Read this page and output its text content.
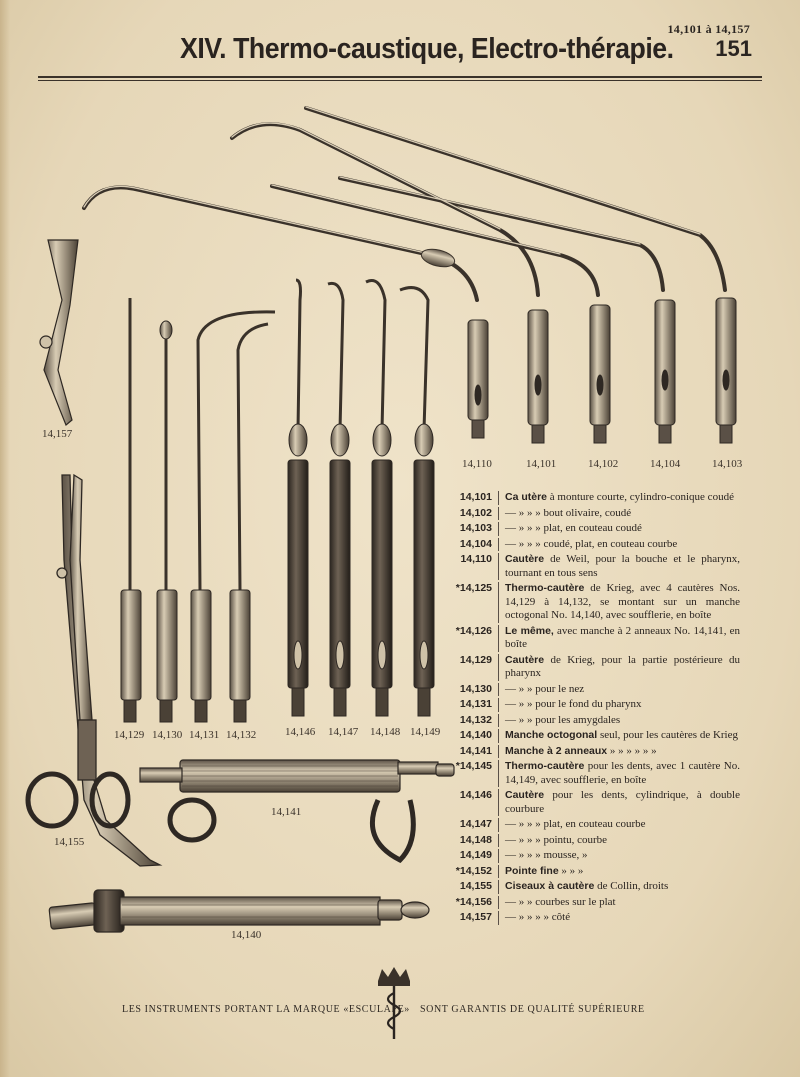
14,101 à 14,157
XIV. Thermo-caustique, Electro-thérapie. 151
14,157
14,110	14,101	14,102	14,104	14,103
14,129 14,130 14,131 14,132	14,146 14,147 14,148 14,149
14,141
14,155
14,140
14,101	Ca utère à monture courte, cylindro-conique coudé
14,102	— » » » bout olivaire, coudé
14,103	— » » » plat, en couteau coudé
14,104	— » » » coudé, plat, en couteau courbe
14,110	Cautère de Weil, pour la bouche et le pharynx, tournant en tous sens
*14,125	Thermo-cautère de Krieg, avec 4 cautères Nos. 14,129 à 14,132, se montant sur un manche octogonal No. 14,140, avec soufflerie, en boîte
*14,126	Le même, avec manche à 2 anneaux No. 14,141, en boîte
14,129	Cautère de Krieg, pour la partie postérieure du pharynx
14,130	— » » pour le nez
14,131	— » » pour le fond du pharynx
14,132	— » » pour les amygdales
14,140	Manche octogonal seul, pour les cautères de Krieg
14,141	Manche à 2 anneaux » » » » » »
*14,145	Thermo-cautère pour les dents, avec 1 cautère No. 14,149, avec soufflerie, en boîte
14,146	Cautère pour les dents, cylindrique, à double courbure
14,147	— » » » plat, en couteau courbe
14,148	— » » » pointu, courbe
14,149	— » » » mousse, »
*14,152	Pointe fine » » »
14,155	Ciseaux à cautère de Collin, droits
*14,156	— » » courbes sur le plat
14,157	— » » » » côté
LES INSTRUMENTS PORTANT LA MARQUE «ESCULAPE» SONT GARANTIS DE QUALITÉ SUPÉRIEURE
